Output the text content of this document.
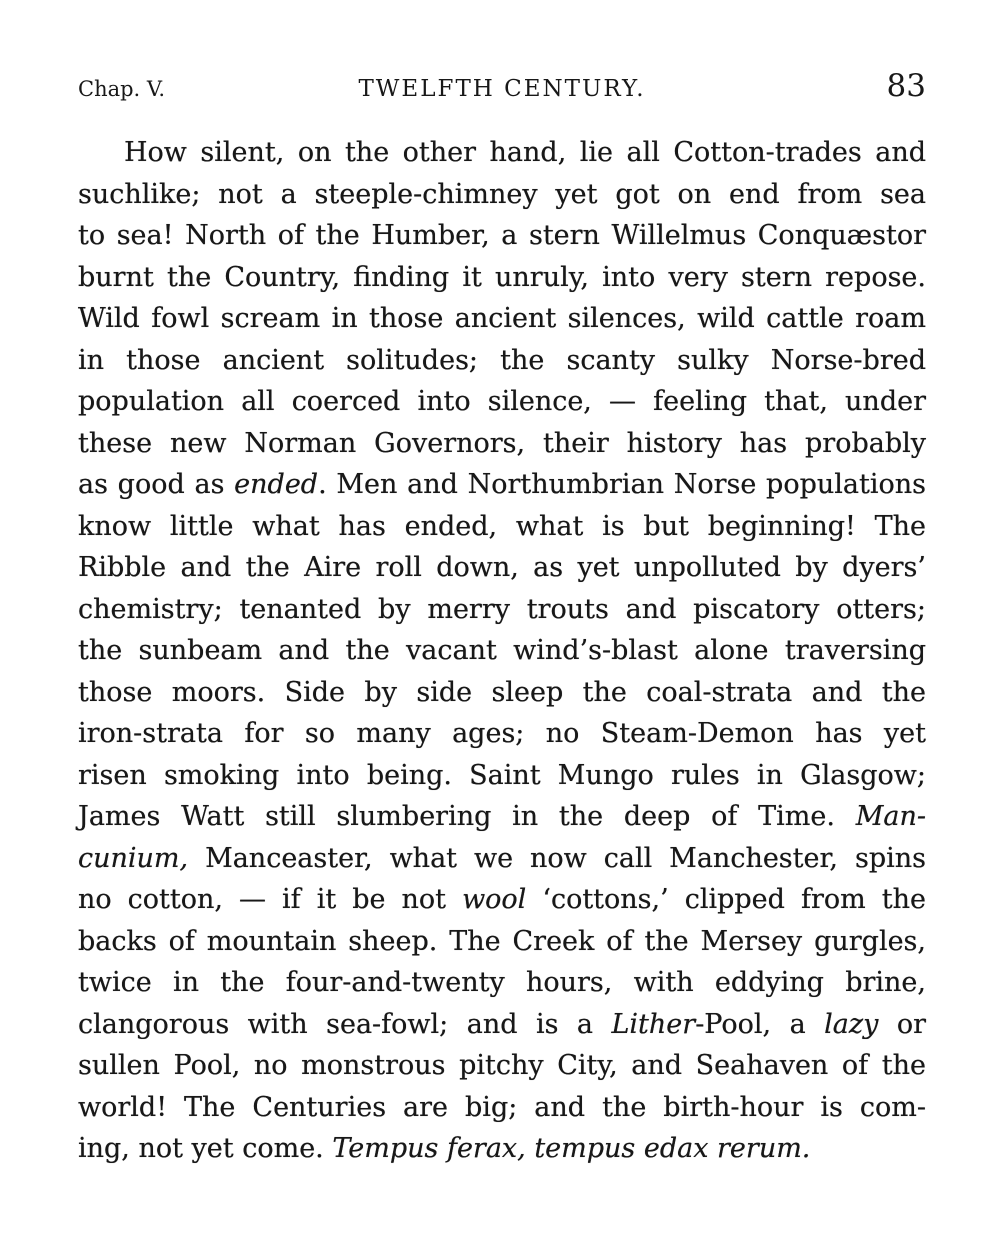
Chap. V.	TWELFTH CENTURY.	83
How silent, on the other hand, lie all Cotton-trades and
suchlike; not a steeple-chimney yet got on end from sea
to sea! North of the Humber, a stern Willelmus Conquæstor
burnt the Country, finding it unruly, into very stern repose.
Wild fowl scream in those ancient silences, wild cattle roam
in those ancient solitudes; the scanty sulky Norse-bred
population all coerced into silence, — feeling that, under
these new Norman Governors, their history has probably
as good as ended. Men and Northumbrian Norse populations
know little what has ended, what is but beginning! The
Ribble and the Aire roll down, as yet unpolluted by dyers’
chemistry; tenanted by merry trouts and piscatory otters;
the sunbeam and the vacant wind’s-blast alone traversing
those moors. Side by side sleep the coal-strata and the
iron-strata for so many ages; no Steam-Demon has yet
risen smoking into being. Saint Mungo rules in Glasgow;
James Watt still slumbering in the deep of Time. Man-
cunium, Manceaster, what we now call Manchester, spins
no cotton, — if it be not wool ‘cottons,’ clipped from the
backs of mountain sheep. The Creek of the Mersey gurgles,
twice in the four-and-twenty hours, with eddying brine,
clangorous with sea-fowl; and is a Lither-Pool, a lazy or
sullen Pool, no monstrous pitchy City, and Seahaven of the
world! The Centuries are big; and the birth-hour is com-
ing, not yet come. Tempus ferax, tempus edax rerum.
